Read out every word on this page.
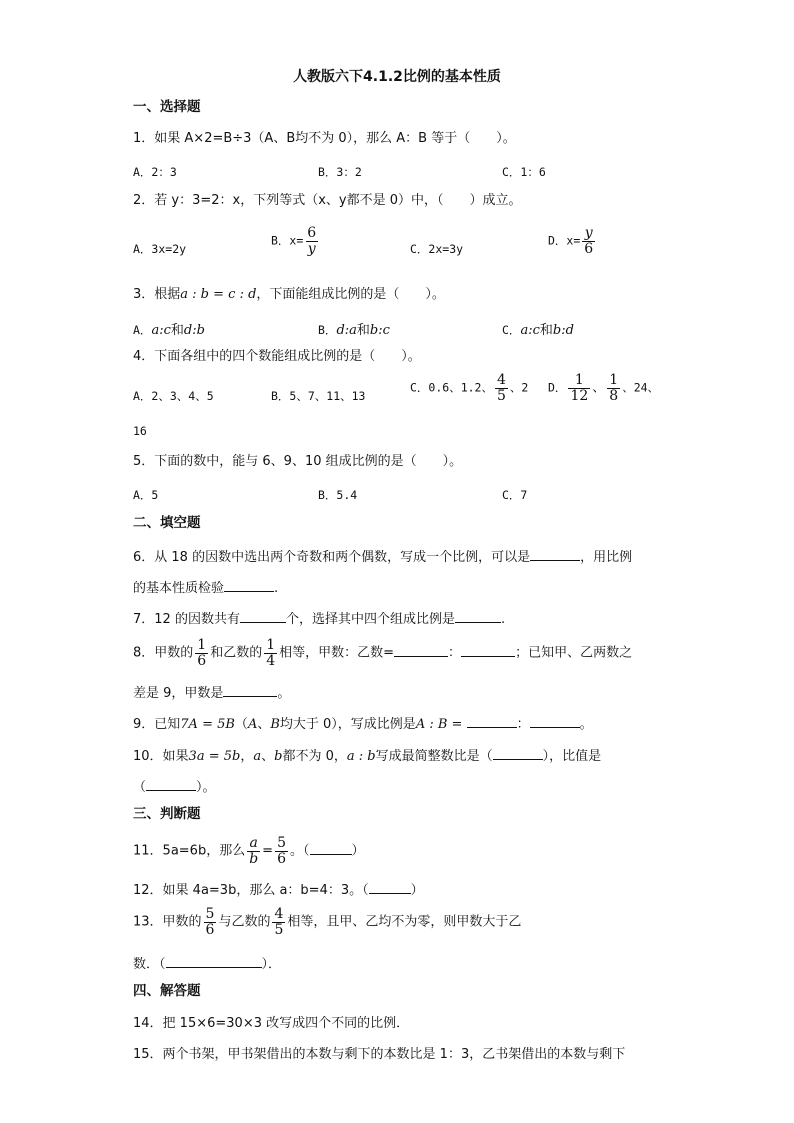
人教版六下4.1.2比例的基本性质
一、选择题
1．如果 A×2=B÷3（A、B均不为 0），那么 A：B 等于（　　）。
A．2：3	B．3：2	C．1：6
2．若 y：3=2：x，下列等式（x、y都不是 0）中，（　　）成立。
A．3x=2y
B．$x= \frac{6}{y}$	C．2x=3y
D．$x= \frac{y}{6}$
3．根据a : b = c : d，下面能组成比例的是（　　）。
A．a:c和d:b	B．d:a和b:c	C．a:c和b:d
4．下面各组中的四个数能组成比例的是（　　）。
A．2、3、4、5	B．5、7、11、13
C．0.6、1.2、 $\frac{4}{5}$ 、2 D． $\frac{1}{12}$ 、 $\frac{1}{8}$ 、24、
16
5．下面的数中，能与 6、9、10 组成比例的是（　　）。
A．5	B．5.4	C．7
二、填空题
6．从 18 的因数中选出两个奇数和两个偶数，写成一个比例，可以是	，用比例
的基本性质检验	.
7．12 的因数共有	个，选择其中四个组成比例是	.
8．甲数的 $\frac{1}{6}$ 和乙数的 $\frac{1}{4}$ 相等，甲数：乙数=	：	；已知甲、乙两数之
差是 9，甲数是	。
9．已知7A = 5B（A、B均大于 0），写成比例是A : B =	：	。
10．如果3a = 5b，a、b都不为 0，a : b写成最简整数比是（	），比值是
（	）。
三、判断题
11．5a=6b，那么 $\frac{a}{b} = \frac{5}{6}$ 。（	）
12．如果 4a=3b，那么 a：b=4：3。（	）
13．甲数的 $\frac{5}{6}$ 与乙数的 $\frac{4}{5}$ 相等，且甲、乙均不为零，则甲数大于乙
数．（	）．
四、解答题
14．把 15×6=30×3 改写成四个不同的比例．
15．两个书架，甲书架借出的本数与剩下的本数比是 1：3，乙书架借出的本数与剩下
